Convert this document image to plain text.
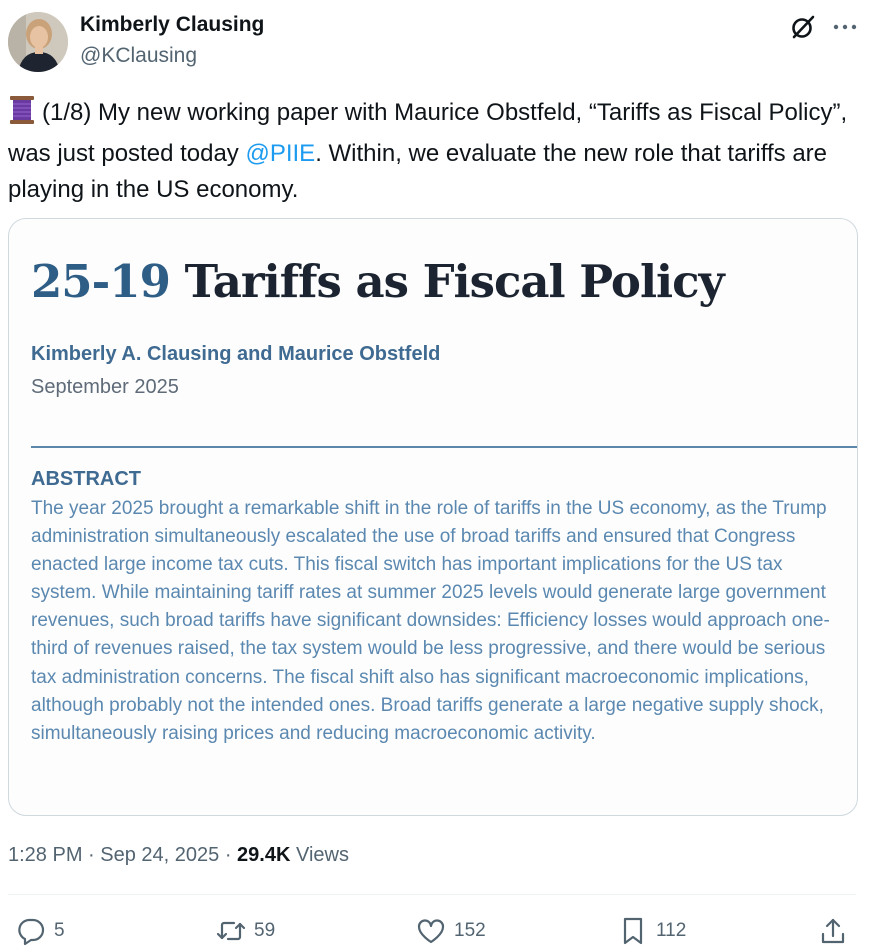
Kimberly Clausing
@KClausing
(1/8) My new working paper with Maurice Obstfeld, “Tariffs as Fiscal Policy”, was just posted today @PIIE. Within, we evaluate the new role that tariffs are playing in the US economy.
25-19 Tariffs as Fiscal Policy
Kimberly A. Clausing and Maurice Obstfeld
September 2025
ABSTRACT

The year 2025 brought a remarkable shift in the role of tariffs in the US economy, as the Trump administration simultaneously escalated the use of broad tariffs and ensured that Congress enacted large income tax cuts. This fiscal switch has important implications for the US tax system. While maintaining tariff rates at summer 2025 levels would generate large government revenues, such broad tariffs have significant downsides: Efficiency losses would approach one-third of revenues raised, the tax system would be less progressive, and there would be serious tax administration concerns. The fiscal shift also has significant macroeconomic implications, although probably not the intended ones. Broad tariffs generate a large negative supply shock, simultaneously raising prices and reducing macroeconomic activity.

1:28 PM · Sep 24, 2025 · 29.4K Views
5	59	152	112
